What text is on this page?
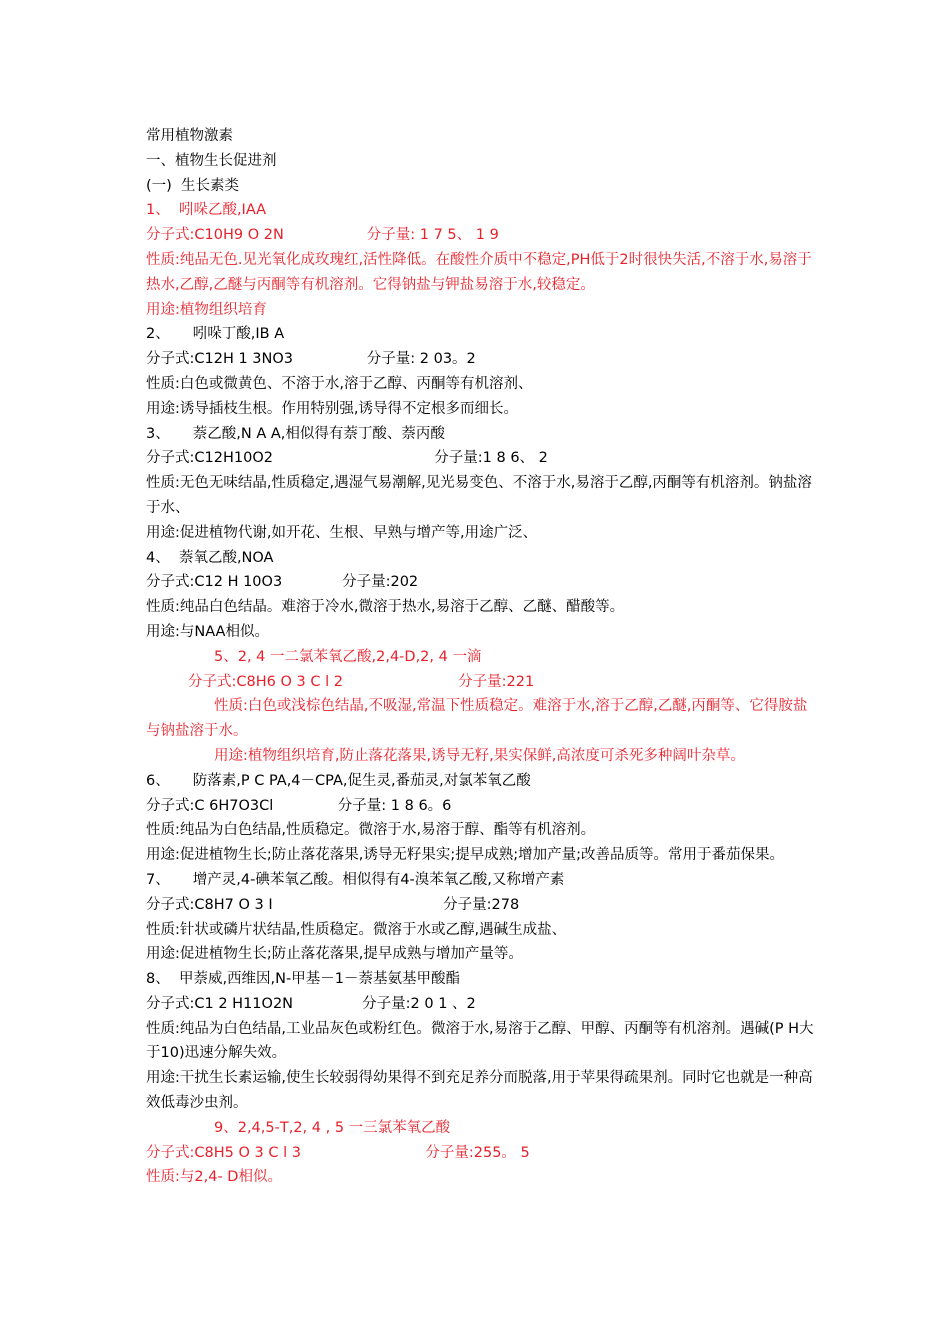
常用植物激素

一、植物生长促进剂

(一)  生长素类

1、  吲哚乙酸,IAA

分子式:C10H9 O 2N                  分子量: 1 7 5、 1 9

性质:纯品无色.见光氧化成玫瑰红,活性降低。在酸性介质中不稳定,PH低于2时很快失活,不溶于水,易溶于热水,乙醇,乙醚与丙酮等有机溶剂。它得钠盐与钾盐易溶于水,较稳定。

用途:植物组织培育

2、     吲哚丁酸,IB A

分子式:C12H 1 3NO3                分子量: 2 03。2

性质:白色或微黄色、不溶于水,溶于乙醇、丙酮等有机溶剂、

用途:诱导插枝生根。作用特别强,诱导得不定根多而细长。

3、     萘乙酸,N A A,相似得有萘丁酸、萘丙酸

分子式:C12H10O2                                   分子量:1 8 6、 2

性质:无色无味结晶,性质稳定,遇湿气易潮解,见光易变色、不溶于水,易溶于乙醇,丙酮等有机溶剂。钠盐溶于水、

用途:促进植物代谢,如开花、生根、早熟与增产等,用途广泛、

4、  萘氧乙酸,NOA

分子式:C12 H 10O3             分子量:202

性质:纯品白色结晶。难溶于冷水,微溶于热水,易溶于乙醇、乙醚、醋酸等。

用途:与NAA相似。

5、2, 4 一二氯苯氧乙酸,2,4-D,2, 4 一滴

分子式:C8H6 O 3 C l 2                         分子量:221

性质:白色或浅棕色结晶,不吸湿,常温下性质稳定。难溶于水,溶于乙醇,乙醚,丙酮等、它得胺盐与钠盐溶于水。

用途:植物组织培育,防止落花落果,诱导无籽,果实保鲜,高浓度可杀死多种阔叶杂草。

6、     防落素,P C PA,4－CPA,促生灵,番茄灵,对氯苯氧乙酸

分子式:C 6H7O3Cl              分子量: 1 8 6。6

性质:纯品为白色结晶,性质稳定。微溶于水,易溶于醇、酯等有机溶剂。

用途:促进植物生长;防止落花落果,诱导无籽果实;提早成熟;增加产量;改善品质等。常用于番茄保果。

7、     增产灵,4-碘苯氧乙酸。相似得有4-溴苯氧乙酸,又称增产素

分子式:C8H7 O 3 I                                     分子量:278

性质:针状或磷片状结晶,性质稳定。微溶于水或乙醇,遇碱生成盐、

用途:促进植物生长;防止落花落果,提早成熟与增加产量等。

8、  甲萘威,西维因,N-甲基－1－萘基氨基甲酸酯

分子式:C1 2 H11O2N               分子量:2 0 1 、2

性质:纯品为白色结晶,工业品灰色或粉红色。微溶于水,易溶于乙醇、甲醇、丙酮等有机溶剂。遇碱(P H大于10)迅速分解失效。

用途:干扰生长素运输,使生长较弱得幼果得不到充足养分而脱落,用于苹果得疏果剂。同时它也就是一种高效低毒沙虫剂。

9、2,4,5-T,2, 4 , 5 一三氯苯氧乙酸

分子式:C8H5 O 3 C l 3                           分子量:255。 5

性质:与2,4- D相似。
